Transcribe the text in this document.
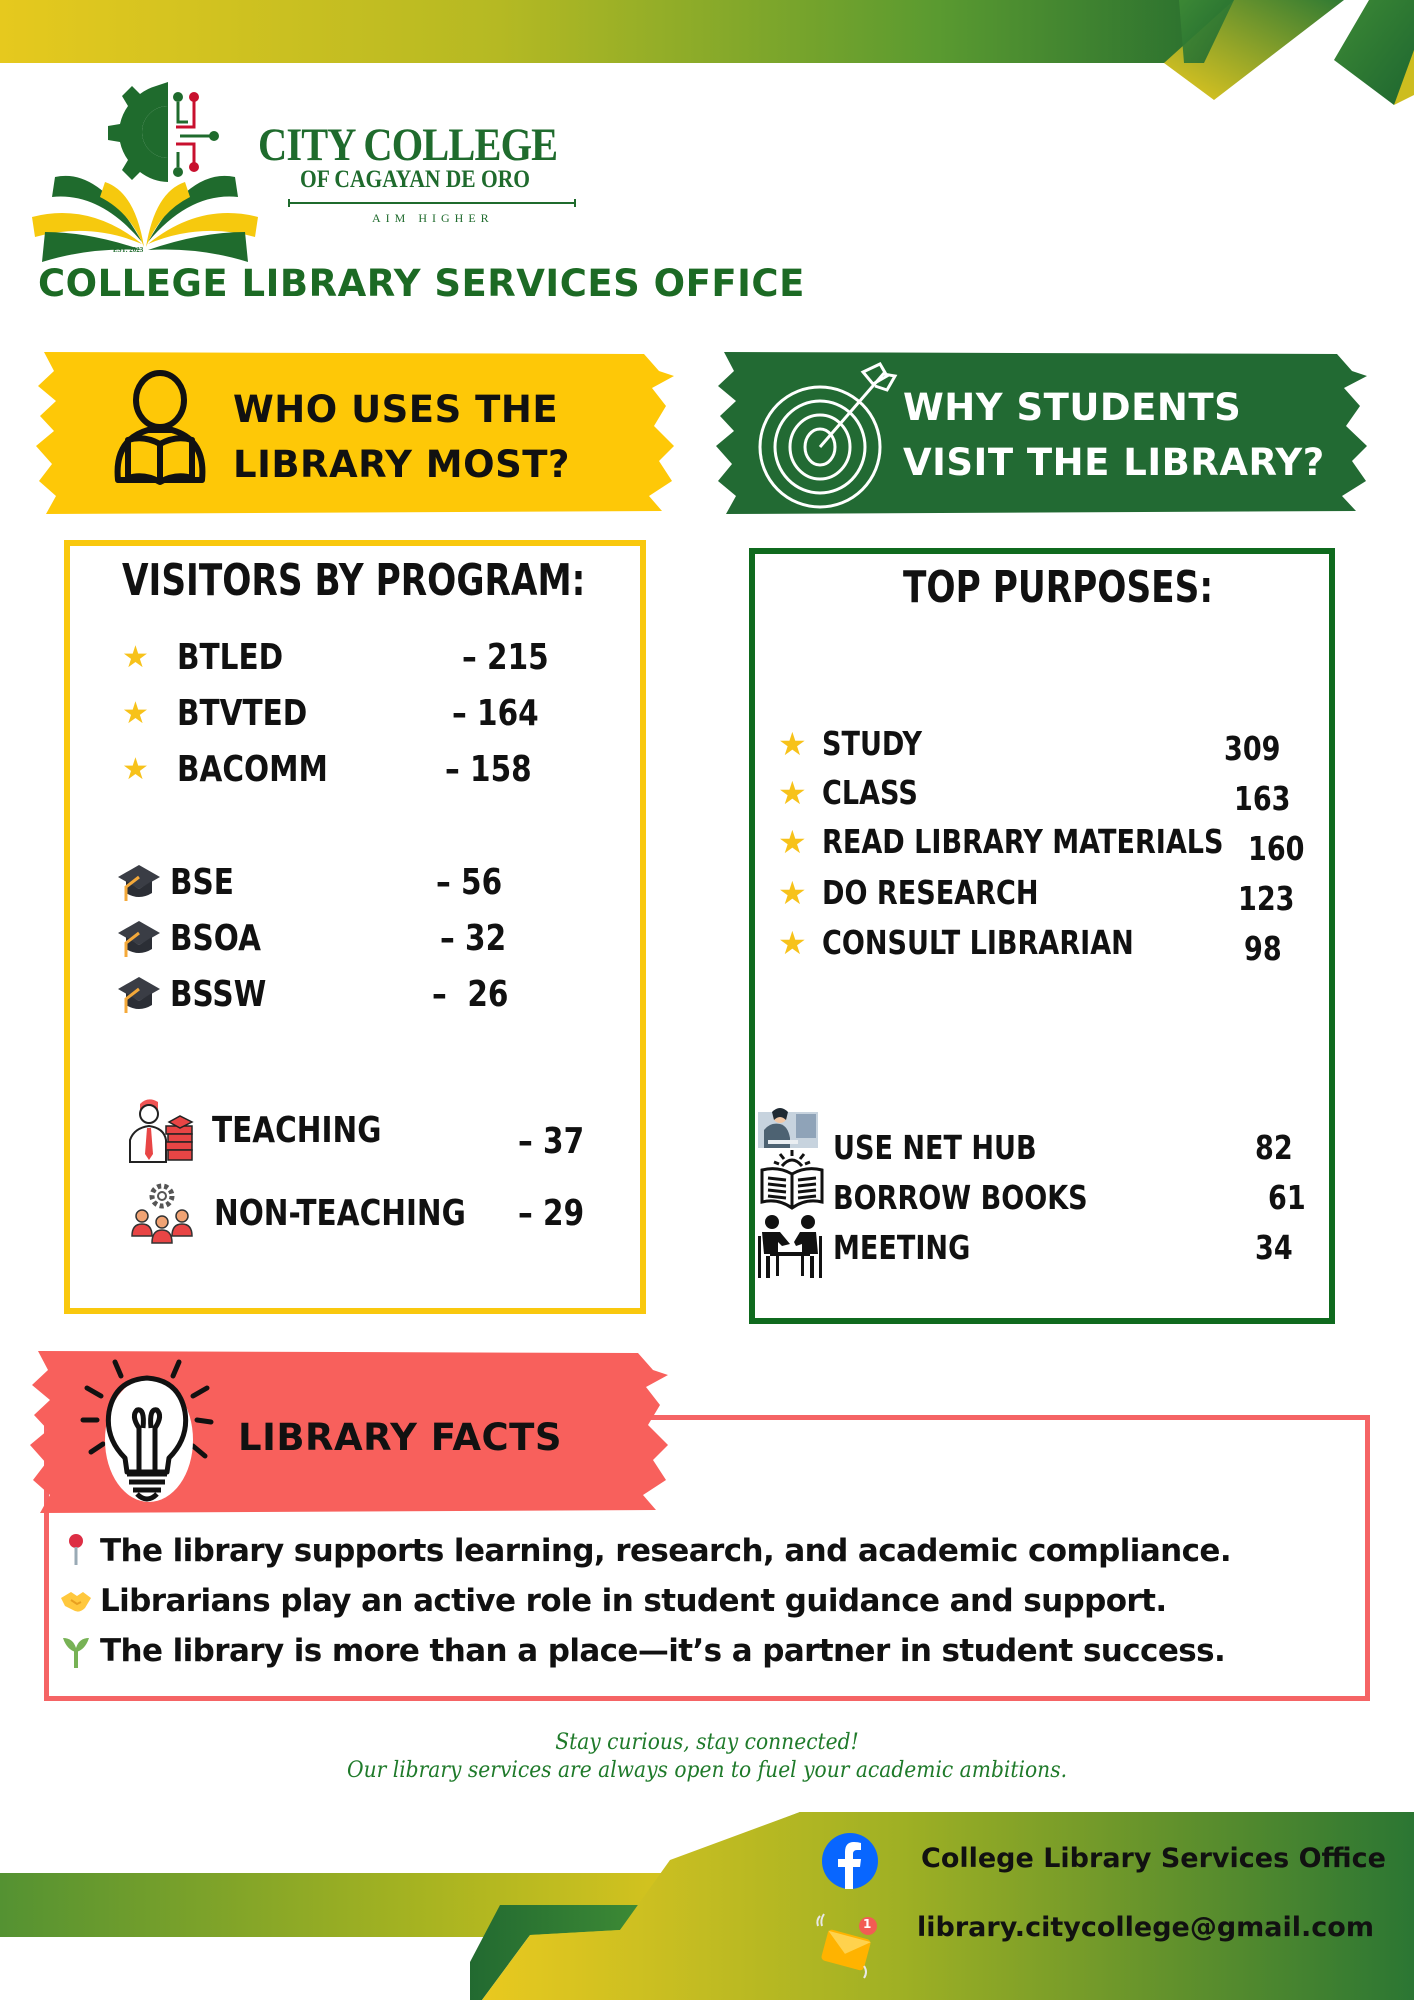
CITY COLLEGE
OF CAGAYAN DE ORO
AIM HIGHER
EST. 2023
COLLEGE LIBRARY SERVICES OFFICE
WHO USES THE
LIBRARY MOST?
WHY STUDENTS
VISIT THE LIBRARY?
VISITORS BY PROGRAM:
★ BTLED	– 215
★ BTVTED	– 164
★ BACOMM	– 158
BSE	– 56
BSOA	– 32
BSSW	–  26
TEACHING	– 37
NON-TEACHING – 29
TOP PURPOSES:
★ STUDY	309
★ CLASS	163
★ READ LIBRARY MATERIALS 160
★ DO RESEARCH	123
★ CONSULT LIBRARIAN	98
USE NET HUB	82
BORROW BOOKS	61
MEETING	34
LIBRARY FACTS
The library supports learning, research, and academic compliance.
Librarians play an active role in student guidance and support.
The library is more than a place—it’s a partner in student success.
Stay curious, stay connected!
Our library services are always open to fuel your academic ambitions.
College Library Services Office
1 library.citycollege@gmail.com
